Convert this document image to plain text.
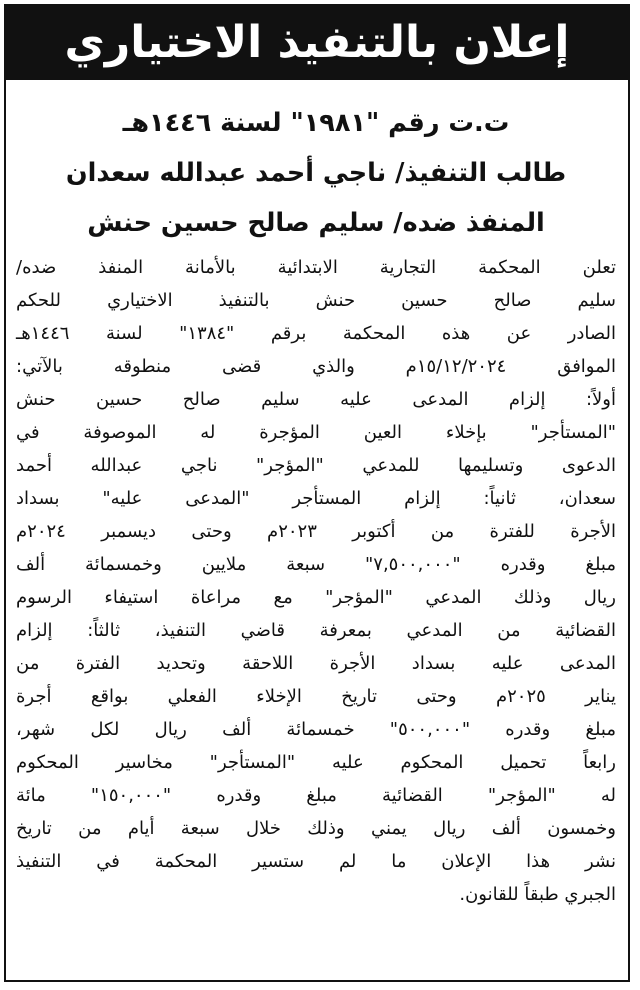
إعلان بالتنفيذ الاختياري

ت.ت رقم "١٩٨١" لسنة ١٤٤٦هـ

طالب التنفيذ/ ناجي أحمد عبدالله سعدان

المنفذ ضده/ سليم صالح حسين حنش

تعلن المحكمة التجارية الابتدائية بالأمانة المنفذ ضده/
سليم صالح حسين حنش بالتنفيذ الاختياري للحكم
الصادر عن هذه المحكمة برقم "١٣٨٤" لسنة ١٤٤٦هـ
الموافق ١٥/١٢/٢٠٢٤م والذي قضى منطوقه بالآتي:
أولاً: إلزام المدعى عليه سليم صالح حسين حنش
"المستأجر" بإخلاء العين المؤجرة له الموصوفة في
الدعوى وتسليمها للمدعي "المؤجر" ناجي عبدالله أحمد
سعدان، ثانياً: إلزام المستأجر "المدعى عليه" بسداد
الأجرة للفترة من أكتوبر ٢٠٢٣م وحتى ديسمبر ٢٠٢٤م
مبلغ وقدره "٧,٥٠٠,٠٠٠" سبعة ملايين وخمسمائة ألف
ريال وذلك المدعي "المؤجر" مع مراعاة استيفاء الرسوم
القضائية من المدعي بمعرفة قاضي التنفيذ، ثالثاً: إلزام
المدعى عليه بسداد الأجرة اللاحقة وتحديد الفترة من
يناير ٢٠٢٥م وحتى تاريخ الإخلاء الفعلي بواقع أجرة
مبلغ وقدره "٥٠٠,٠٠٠" خمسمائة ألف ريال لكل شهر،
رابعاً تحميل المحكوم عليه "المستأجر" مخاسير المحكوم
له "المؤجر" القضائية مبلغ وقدره "١٥٠,٠٠٠" مائة
وخمسون ألف ريال يمني وذلك خلال سبعة أيام من تاريخ
نشر هذا الإعلان ما لم ستسير المحكمة في التنفيذ
الجبري طبقاً للقانون.
